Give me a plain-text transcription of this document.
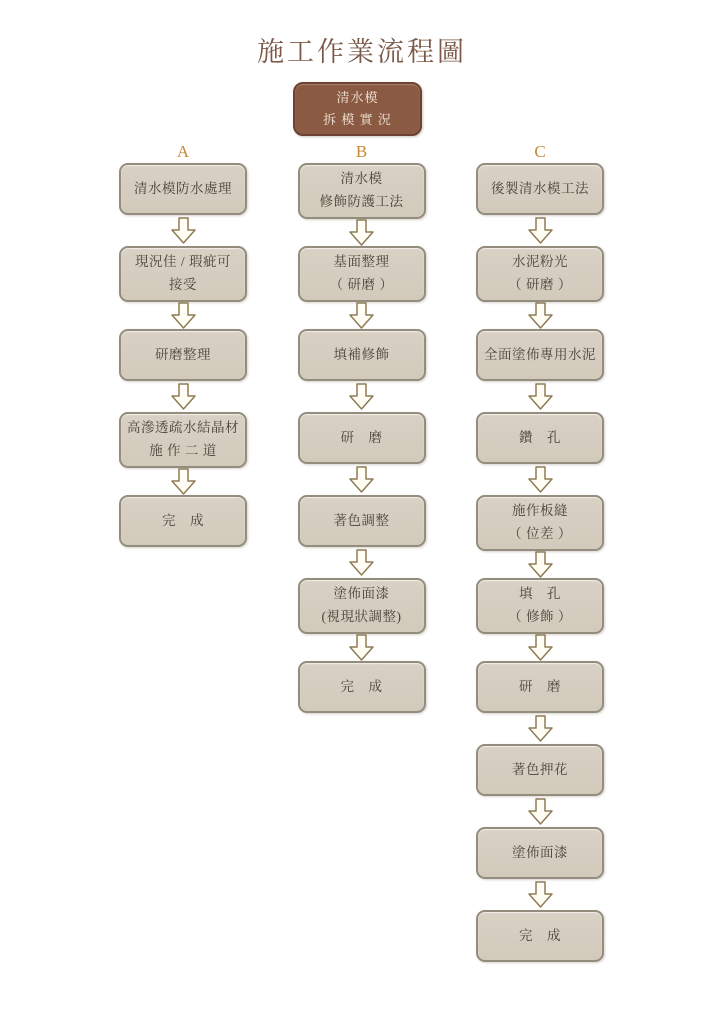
施工作業流程圖
清水模
拆 模 實 況
A
清水模防水處理
現況佳 / 瑕疵可
接受
研磨整理
高滲透疏水結晶材
施 作 二 道
完　成
B
清水模
修飾防護工法
基面整理
（ 研磨 ）
填補修飾
研　磨
著色調整
塗佈面漆
(視現狀調整)
完　成
C
後製清水模工法
水泥粉光
（ 研磨 ）
全面塗佈專用水泥
鑽　孔
施作板縫
（ 位差 ）
填　孔
（ 修飾 ）
研　磨
著色押花
塗佈面漆
完　成
